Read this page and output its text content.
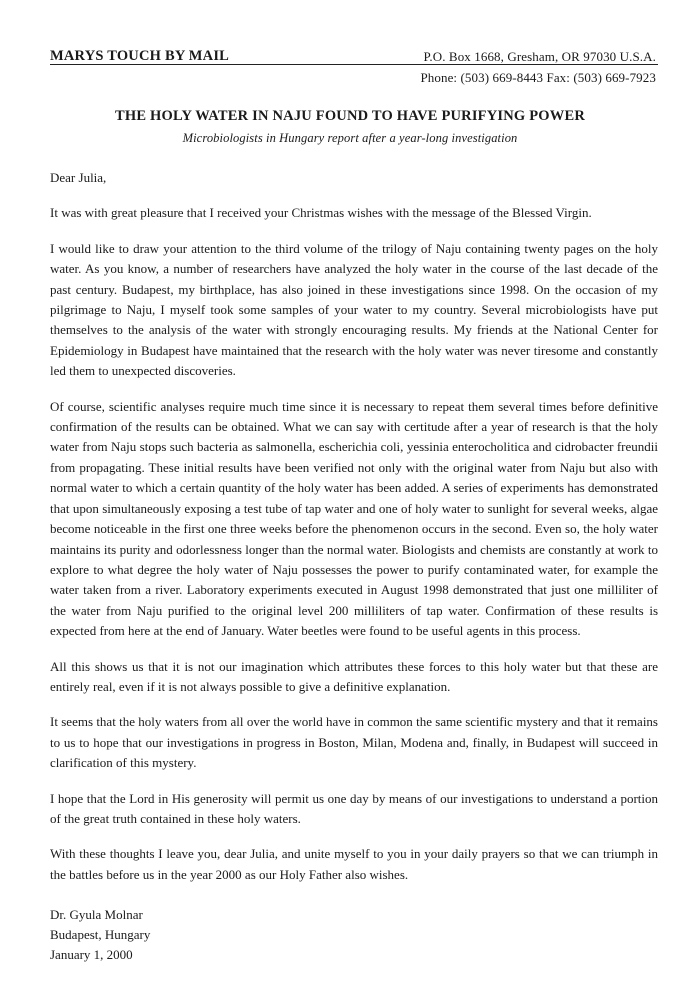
MARYS TOUCH BY MAIL	P.O. Box 1668, Gresham, OR 97030 U.S.A.
Phone: (503) 669-8443 Fax: (503) 669-7923
THE HOLY WATER IN NAJU FOUND TO HAVE PURIFYING POWER
Microbiologists in Hungary report after a year-long investigation

Dear Julia,

It was with great pleasure that I received your Christmas wishes with the message of the Blessed Virgin.

I would like to draw your attention to the third volume of the trilogy of Naju containing twenty pages on the holy water. As you know, a number of researchers have analyzed the holy water in the course of the last decade of the past century. Budapest, my birthplace, has also joined in these investigations since 1998. On the occasion of my pilgrimage to Naju, I myself took some samples of your water to my country. Several microbiologists have put themselves to the analysis of the water with strongly encouraging results. My friends at the National Center for Epidemiology in Budapest have maintained that the research with the holy water was never tiresome and constantly led them to unexpected discoveries.

Of course, scientific analyses require much time since it is necessary to repeat them several times before definitive confirmation of the results can be obtained. What we can say with certitude after a year of research is that the holy water from Naju stops such bacteria as salmonella, escherichia coli, yessinia enterocholitica and cidrobacter freundii from propagating. These initial results have been verified not only with the original water from Naju but also with normal water to which a certain quantity of the holy water has been added. A series of experiments has demonstrated that upon simultaneously exposing a test tube of tap water and one of holy water to sunlight for several weeks, algae become noticeable in the first one three weeks before the phenomenon occurs in the second. Even so, the holy water maintains its purity and odorlessness longer than the normal water. Biologists and chemists are constantly at work to explore to what degree the holy water of Naju possesses the power to purify contaminated water, for example the water taken from a river. Laboratory experiments executed in August 1998 demonstrated that just one milliliter of the water from Naju purified to the original level 200 milliliters of tap water. Confirmation of these results is expected from here at the end of January. Water beetles were found to be useful agents in this process.

All this shows us that it is not our imagination which attributes these forces to this holy water but that these are entirely real, even if it is not always possible to give a definitive explanation.

It seems that the holy waters from all over the world have in common the same scientific mystery and that it remains to us to hope that our investigations in progress in Boston, Milan, Modena and, finally, in Budapest will succeed in clarification of this mystery.

I hope that the Lord in His generosity will permit us one day by means of our investigations to understand a portion of the great truth contained in these holy waters.

With these thoughts I leave you, dear Julia, and unite myself to you in your daily prayers so that we can triumph in the battles before us in the year 2000 as our Holy Father also wishes.

Dr. Gyula Molnar
Budapest, Hungary
January 1, 2000
